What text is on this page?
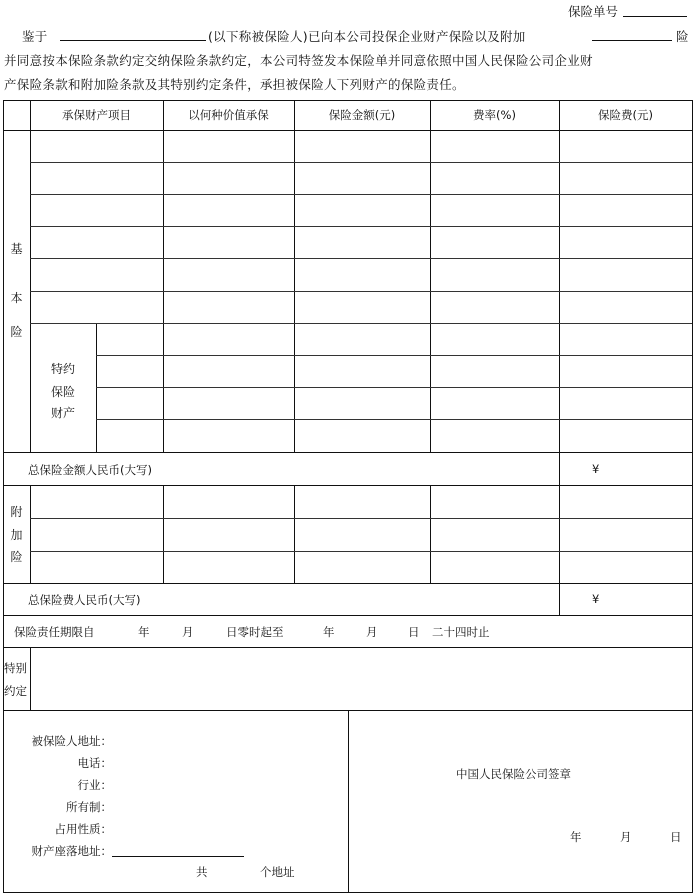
保险单号
鉴于	(以下称被保险人)已向本公司投保企业财产保险以及附加	险
并同意按本保险条款约定交纳保险条款约定，本公司特签发本保险单并同意依照中国人民保险公司企业财
产保险条款和附加险条款及其特别约定条件，承担被保险人下列财产的保险责任。
承保财产项目	以何种价值承保	保险金额(元)	费率(%)	保险费(元)
基
本
险
特约
保险
财产
总保险金额人民币(大写)	¥
附
加
险
总保险费人民币(大写)	¥
保险责任期限自	年	月	日零时起至	年	月	日 二十四时止
特别
约定
被保险人地址：
电话：
行业：
所有制：
占用性质：
财产座落地址：
共	个地址
中国人民保险公司签章
年	月	日
